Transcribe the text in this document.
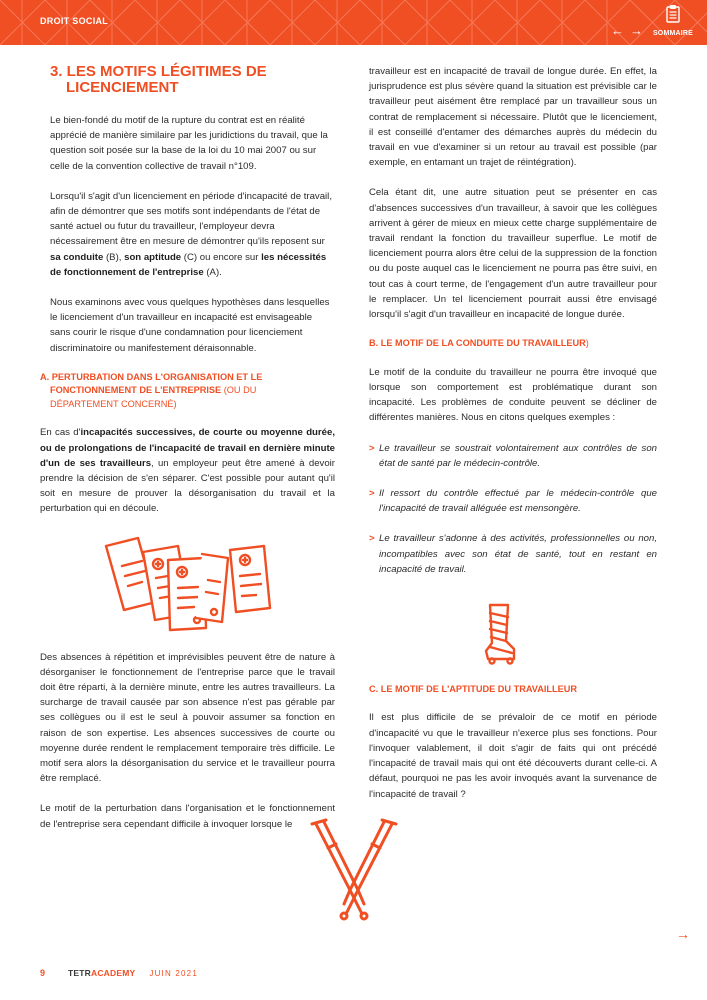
DROIT SOCIAL
← →	SOMMAIRE
3. LES MOTIFS LÉGITIMES DE
LICENCIEMENT

Le bien-fondé du motif de la rupture du contrat est en réalité apprécié de manière similaire par les juridictions du travail, que la question soit posée sur la base de la loi du 10 mai 2007 ou sur celle de la convention collective de travail n°109.

Lorsqu'il s'agit d'un licenciement en période d'incapacité de travail, afin de démontrer que ses motifs sont indépendants de l'état de santé actuel ou futur du travailleur, l'employeur devra nécessairement être en mesure de démontrer qu'ils reposent sur sa conduite (B), son aptitude (C) ou encore sur les nécessités de fonctionnement de l'entreprise (A).

Nous examinons avec vous quelques hypothèses dans lesquelles le licenciement d'un travailleur en incapacité est envisageable sans courir le risque d'une condamnation pour licenciement discriminatoire ou manifestement déraisonnable.

A. PERTURBATION DANS L'ORGANISATION ET LE
FONCTIONNEMENT DE L'ENTREPRISE (OU DU
DÉPARTEMENT CONCERNÉ)

En cas d'incapacités successives, de courte ou moyenne durée, ou de prolongations de l'incapacité de travail en dernière minute d'un de ses travailleurs, un employeur peut être amené à devoir prendre la décision de s'en séparer. C'est possible pour autant qu'il soit en mesure de prouver la désorganisation du travail et la perturbation qui en découle.

Des absences à répétition et imprévisibles peuvent être de nature à désorganiser le fonctionnement de l'entreprise parce que le travail doit être réparti, à la dernière minute, entre les autres travailleurs. La surcharge de travail causée par son absence n'est pas gérable par ses collègues ou il est le seul à pouvoir assumer sa fonction en raison de son expertise. Les absences successives de courte ou moyenne durée rendent le remplacement temporaire très difficile. Le motif sera alors la désorganisation du service et le travailleur pourra être remplacé.

Le motif de la perturbation dans l'organisation et le fonctionnement de l'entreprise sera cependant difficile à invoquer lorsque le

travailleur est en incapacité de travail de longue durée. En effet, la jurisprudence est plus sévère quand la situation est prévisible car le travailleur peut aisément être remplacé par un travailleur sous un contrat de remplacement si nécessaire. Plutôt que le licenciement, il est conseillé d'entamer des démarches auprès du médecin du travail en vue d'examiner si un retour au travail est possible (par exemple, en entamant un trajet de réintégration).

Cela étant dit, une autre situation peut se présenter en cas d'absences successives d'un travailleur, à savoir que les collègues arrivent à gérer de mieux en mieux cette charge supplémentaire de travail rendant la fonction du travailleur superflue. Le motif de licenciement pourra alors être celui de la suppression de la fonction ou du poste auquel cas le licenciement ne pourra pas être suivi, en tout cas à court terme, de l'engagement d'un autre travailleur pour le remplacer. Un tel licenciement pourrait aussi être envisagé lorsqu'il s'agit d'un travailleur en incapacité de longue durée.

B. LE MOTIF DE LA CONDUITE DU TRAVAILLEUR)

Le motif de la conduite du travailleur ne pourra être invoqué que lorsque son comportement est problématique durant son incapacité. Les problèmes de conduite peuvent se décliner de différentes manières. Nous en citons quelques exemples :

> Le travailleur se soustrait volontairement aux contrôles de son état de santé par le médecin-contrôle.
> Il ressort du contrôle effectué par le médecin-contrôle que l'incapacité de travail alléguée est mensongère.
> Le travailleur s'adonne à des activités, professionnelles ou non, incompatibles avec son état de santé, tout en restant en incapacité de travail.
C. LE MOTIF DE L'APTITUDE DU TRAVAILLEUR

Il est plus difficile de se prévaloir de ce motif en période d'incapacité vu que le travailleur n'exerce plus ses fonctions. Pour l'invoquer valablement, il doit s'agir de faits qui ont précédé l'incapacité de travail mais qui ont été découverts durant celle-ci. A défaut, pourquoi ne pas les avoir invoqués avant la survenance de l'incapacité de travail ?

→
9	TETRACADEMY JUIN 2021
